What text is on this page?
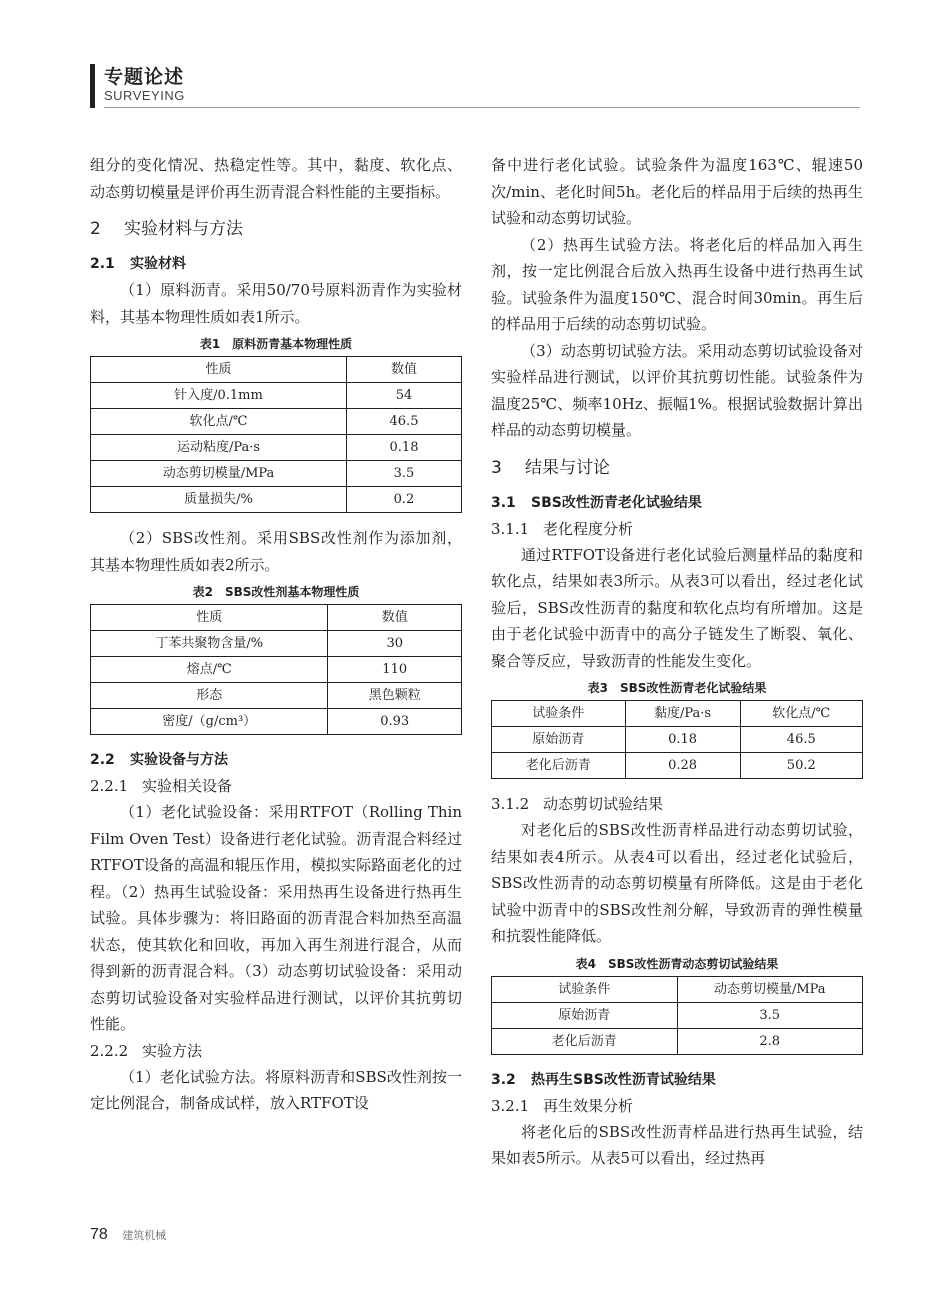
专题论述
SURVEYING

组分的变化情况、热稳定性等。其中，黏度、软化点、动态剪切模量是评价再生沥青混合料性能的主要指标。

2 实验材料与方法
2.1 实验材料

（1）原料沥青。采用50/70号原料沥青作为实验材料，其基本物理性质如表1所示。

表1　原料沥青基本物理性质
性质	数值
针入度/0.1mm	54
软化点/℃	46.5
运动粘度/Pa·s	0.18
动态剪切模量/MPa	3.5
质量损失/%	0.2

（2）SBS改性剂。采用SBS改性剂作为添加剂，其基本物理性质如表2所示。

表2　SBS改性剂基本物理性质
性质	数值
丁苯共聚物含量/%	30
熔点/℃	110
形态	黑色颗粒
密度/（g/cm³）	0.93
2.2 实验设备与方法
2.2.1 实验相关设备

（1）老化试验设备：采用RTFOT（Rolling Thin Film Oven Test）设备进行老化试验。沥青混合料经过RTFOT设备的高温和辊压作用，模拟实际路面老化的过程。（2）热再生试验设备：采用热再生设备进行热再生试验。具体步骤为：将旧路面的沥青混合料加热至高温状态，使其软化和回收，再加入再生剂进行混合，从而得到新的沥青混合料。（3）动态剪切试验设备：采用动态剪切试验设备对实验样品进行测试，以评价其抗剪切性能。

2.2.2 实验方法

（1）老化试验方法。将原料沥青和SBS改性剂按一定比例混合，制备成试样，放入RTFOT设

备中进行老化试验。试验条件为温度163℃、辊速50次/min、老化时间5h。老化后的样品用于后续的热再生试验和动态剪切试验。

（2）热再生试验方法。将老化后的样品加入再生剂，按一定比例混合后放入热再生设备中进行热再生试验。试验条件为温度150℃、混合时间30min。再生后的样品用于后续的动态剪切试验。

（3）动态剪切试验方法。采用动态剪切试验设备对实验样品进行测试，以评价其抗剪切性能。试验条件为温度25℃、频率10Hz、振幅1%。根据试验数据计算出样品的动态剪切模量。

3 结果与讨论
3.1 SBS改性沥青老化试验结果
3.1.1 老化程度分析

通过RTFOT设备进行老化试验后测量样品的黏度和软化点，结果如表3所示。从表3可以看出，经过老化试验后，SBS改性沥青的黏度和软化点均有所增加。这是由于老化试验中沥青中的高分子链发生了断裂、氧化、聚合等反应，导致沥青的性能发生变化。

表3　SBS改性沥青老化试验结果
试验条件	黏度/Pa·s	软化点/℃
原始沥青	0.18	46.5
老化后沥青	0.28	50.2
3.1.2 动态剪切试验结果

对老化后的SBS改性沥青样品进行动态剪切试验，结果如表4所示。从表4可以看出，经过老化试验后，SBS改性沥青的动态剪切模量有所降低。这是由于老化试验中沥青中的SBS改性剂分解，导致沥青的弹性模量和抗裂性能降低。

表4　SBS改性沥青动态剪切试验结果
试验条件	动态剪切模量/MPa
原始沥青	3.5
老化后沥青	2.8
3.2 热再生SBS改性沥青试验结果
3.2.1 再生效果分析

将老化后的SBS改性沥青样品进行热再生试验，结果如表5所示。从表5可以看出，经过热再

78 建筑机械
